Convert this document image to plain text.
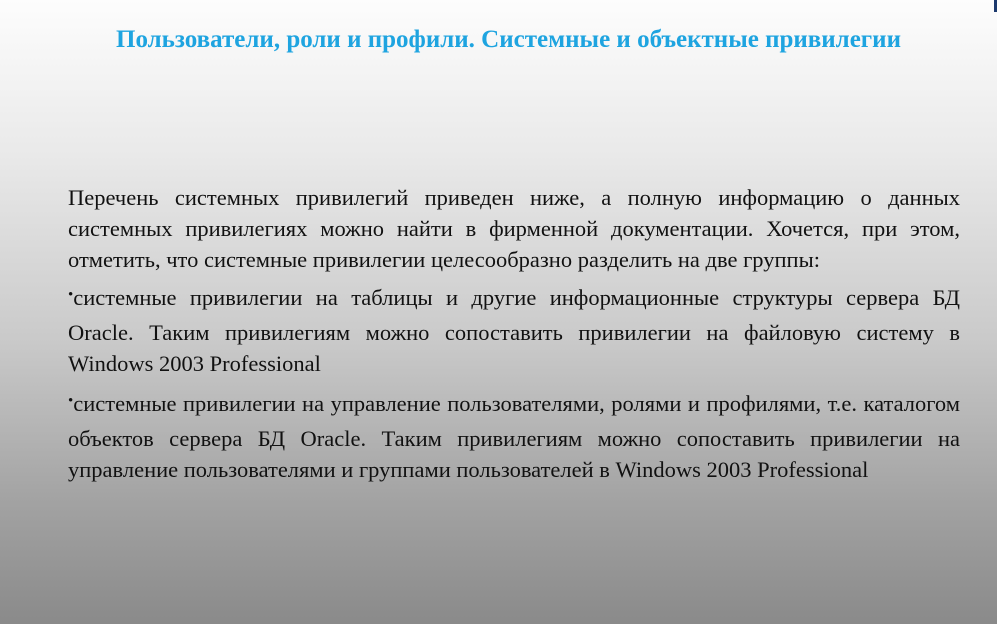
Пользователи, роли и профили. Системные и объектные привилегии

Перечень системных привилегий приведен ниже, а полную информацию о данных системных привилегиях можно найти в фирменной документации. Хочется, при этом, отметить, что системные привилегии целесообразно разделить на две группы:

•системные привилегии на таблицы и другие информационные структуры сервера БД Oracle. Таким привилегиям можно сопоставить привилегии на файловую систему в Windows 2003 Professional

•системные привилегии на управление пользователями, ролями и профилями, т.е. каталогом объектов сервера БД Oracle. Таким привилегиям можно сопоставить привилегии на управление пользователями и группами пользователей в Windows 2003 Professional
